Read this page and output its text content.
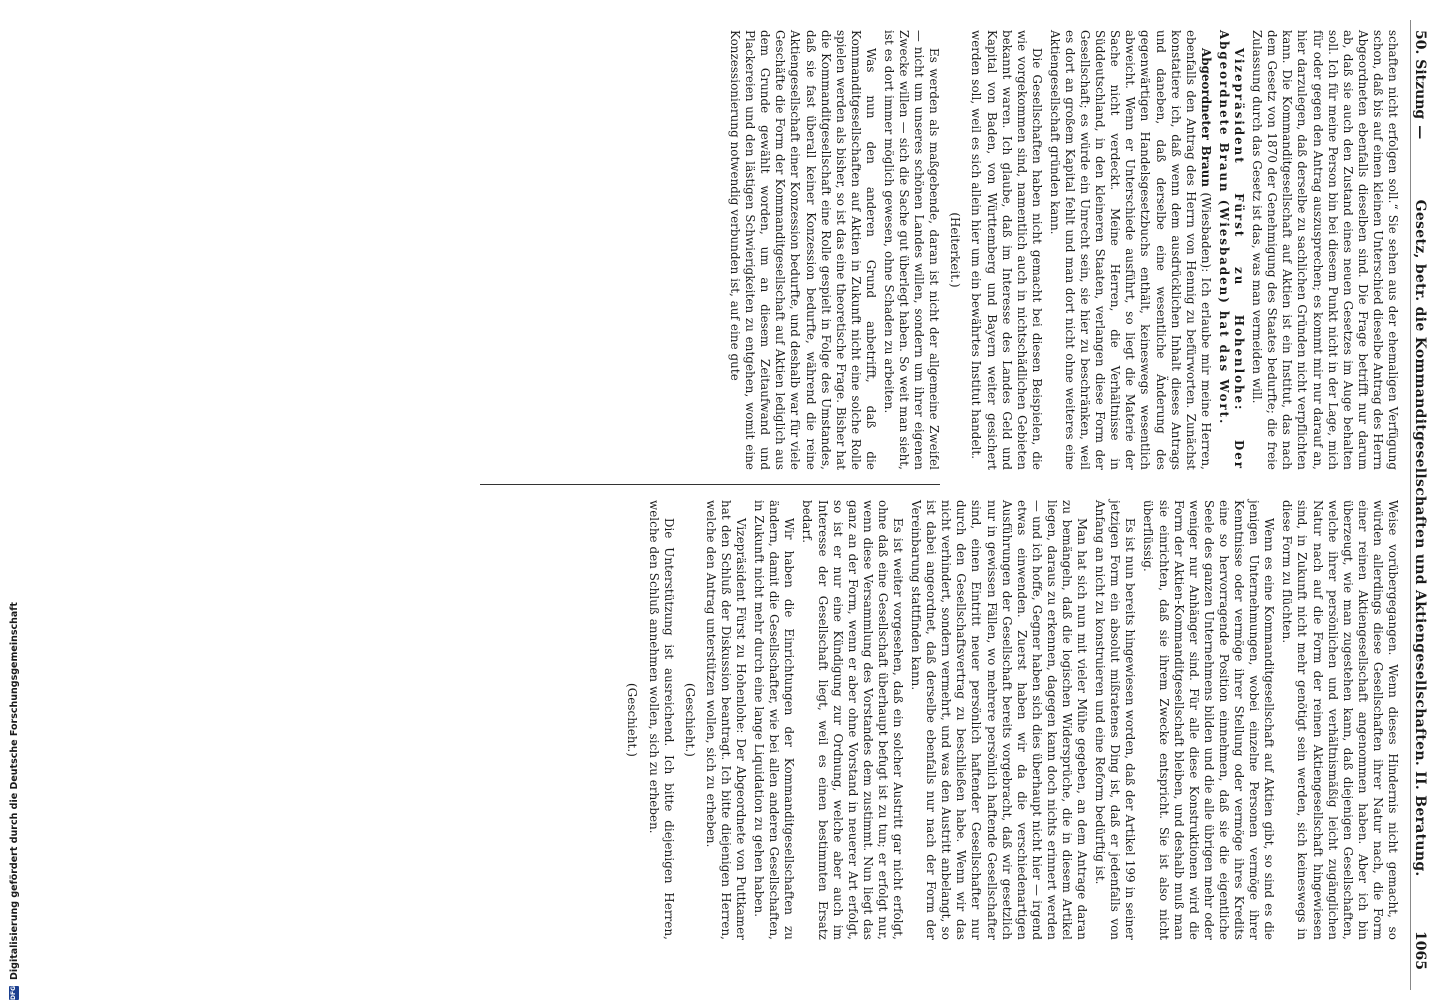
50. Sitzung
—
Gesetz, betr. die Kommanditgesellschaften und Aktiengesellschaften. II. Beratung.
1065

schaften nicht erfolgen soll.“ Sie sehen aus der ehemaligen Verfügung schon, daß bis auf einen kleinen Unterschied dieselbe Antrag des Herrn Abgeordneten ebenfalls dieselben sind. Die Frage betrifft nur darum ab, daß sie auch den Zustand eines neuen Gesetzes im Auge behalten soll. Ich für meine Person bin bei diesem Punkt nicht in der Lage, mich für oder gegen den Antrag auszusprechen; es kommt mir nur darauf an, hier darzulegen, daß derselbe zu sachlichen Gründen nicht verpflichten kann. Die Kommanditgesellschaft auf Aktien ist ein Institut, das nach dem Gesetz von 1870 der Genehmigung des Staates bedurfte; die freie Zulassung durch das Gesetz ist das, was man vermeiden will.

Vizepräsident Fürst zu Hohenlohe: Der Abgeordnete Braun (Wiesbaden) hat das Wort.

Abgeordneter Braun (Wiesbaden): Ich erlaube mir meine Herren, ebenfalls den Antrag des Herrn von Hennig zu befürworten. Zunächst konstatiere ich, daß wenn dem ausdrücklichen Inhalt dieses Antrags und daneben, daß derselbe eine wesentliche Änderung des gegenwärtigen Handelsgesetzbuchs enthält, keineswegs wesentlich abweicht. Wenn er Unterschiede ausführt, so liegt die Materie der Sache nicht verdeckt. Meine Herren, die Verhältnisse in Süddeutschland, in den kleineren Staaten, verlangen diese Form der Gesellschaft; es würde ein Unrecht sein, sie hier zu beschränken, weil es dort an großem Kapital fehlt und man dort nicht ohne weiteres eine Aktiengesellschaft gründen kann.

Die Gesellschaften haben nicht gemacht bei diesen Beispielen, die wie vorgekommen sind, namentlich auch in nichtschädlichen Gebieten bekannt waren. Ich glaube, daß im Interesse des Landes Geld und Kapital von Baden, von Württemberg und Bayern weiter gesichert werden soll, weil es sich allein hier um ein bewährtes Institut handelt.

(Heiterkeit.)

Es werden als maßgebende, daran ist nicht der allgemeine Zweifel — nicht um unseres schönen Landes willen, sondern um ihrer eigenen Zwecke willen — sich die Sache gut überlegt haben. So weit man sieht, ist es dort immer möglich gewesen, ohne Schaden zu arbeiten.

Was nun den anderen Grund anbetrifft, daß die Kommanditgesellschaften auf Aktien in Zukunft nicht eine solche Rolle spielen werden als bisher, so ist das eine theoretische Frage. Bisher hat die Kommanditgesellschaft eine Rolle gespielt in Folge des Umstandes, daß sie fast überall keiner Konzession bedurfte, während die reine Aktiengesellschaft einer Konzession bedurfte, und deshalb war für viele Geschäfte die Form der Kommanditgesellschaft auf Aktien lediglich aus dem Grunde gewählt worden, um an diesem Zeitaufwand und Plackereien und den lästigen Schwierigkeiten zu entgehen, womit eine Konzessionierung notwendig verbunden ist, auf eine gute

Weise vorübergegangen. Wenn dieses Hindernis nicht gemacht, so würden allerdings diese Gesellschaften ihrer Natur nach, die Form einer reinen Aktiengesellschaft angenommen haben. Aber ich bin überzeugt, wie man zugestehen kann, daß diejenigen Gesellschaften, welche ihrer persönlichen und verhältnismäßig leicht zugänglichen Natur nach auf die Form der reinen Aktiengesellschaft hingewiesen sind, in Zukunft nicht mehr genötigt sein werden, sich keineswegs in diese Form zu flüchten.

Wenn es eine Kommanditgesellschaft auf Aktien gibt, so sind es die jenigen Unternehmungen, wobei einzelne Personen vermöge ihrer Kenntnisse oder vermöge ihrer Stellung oder vermöge ihres Kredits eine so hervorragende Position einnehmen, daß sie die eigentliche Seele des ganzen Unternehmens bilden und die alle übrigen mehr oder weniger nur Anhänger sind. Für alle diese Konstruktionen wird die Form der Aktien-Kommanditgesellschaft bleiben, und deshalb muß man sie einrichten, daß sie ihrem Zwecke entspricht. Sie ist also nicht überflüssig.

Es ist nun bereits hingewiesen worden, daß der Artikel 199 in seiner jetzigen Form ein absolut mißratenes Ding ist, daß er jedenfalls von Anfang an nicht zu konstruieren und eine Reform bedürftig ist.

Man hat sich nun mit vieler Mühe gegeben, an dem Antrage daran zu bemängeln, daß die logischen Widersprüche, die in diesem Artikel liegen, daraus zu erkennen, dagegen kann doch nichts erinnert werden — und ich hoffe, Gegner haben sich dies überhaupt nicht hier — irgend etwas einwenden. Zuerst haben wir da die verschiedenartigen Ausführungen der Gesellschaft bereits vorgebracht, daß wir gesetzlich nur in gewissen Fällen, wo mehrere persönlich haftende Gesellschafter sind, einen Eintritt neuer persönlich haftender Gesellschafter nur durch den Gesellschaftsvertrag zu beschließen habe. Wenn wir das nicht verhindert, sondern vermehrt, und was den Austritt anbelangt, so ist dabei angeordnet, daß derselbe ebenfalls nur nach der Form der Vereinbarung stattfinden kann.

Es ist weiter vorgesehen, daß ein solcher Austritt gar nicht erfolgt, ohne daß eine Gesellschaft überhaupt befugt ist zu tun; er erfolgt nur, wenn diese Versammlung des Vorstandes dem zustimmt. Nun liegt das ganz an der Form, wenn er aber ohne Vorstand in neuerer Art erfolgt, so ist er nur eine Kündigung zur Ordnung, welche aber auch im Interesse der Gesellschaft liegt, weil es einen bestimmten Ersatz bedarf.

Wir haben die Einrichtungen der Kommanditgesellschaften zu ändern, damit die Gesellschafter, wie bei allen anderen Gesellschaften, in Zukunft nicht mehr durch eine lange Liquidation zu gehen haben.

Vizepräsident Fürst zu Hohenlohe: Der Abgeordnete von Puttkamer hat den Schluß der Diskussion beantragt. Ich bitte diejenigen Herren, welche den Antrag unterstützen wollen, sich zu erheben.

(Geschieht.)

Die Unterstützung ist ausreichend. Ich bitte diejenigen Herren, welche den Schluß annehmen wollen, sich zu erheben.

(Geschieht.)

DFG
Digitalisierung gefördert durch die Deutsche Forschungsgemeinschaft
